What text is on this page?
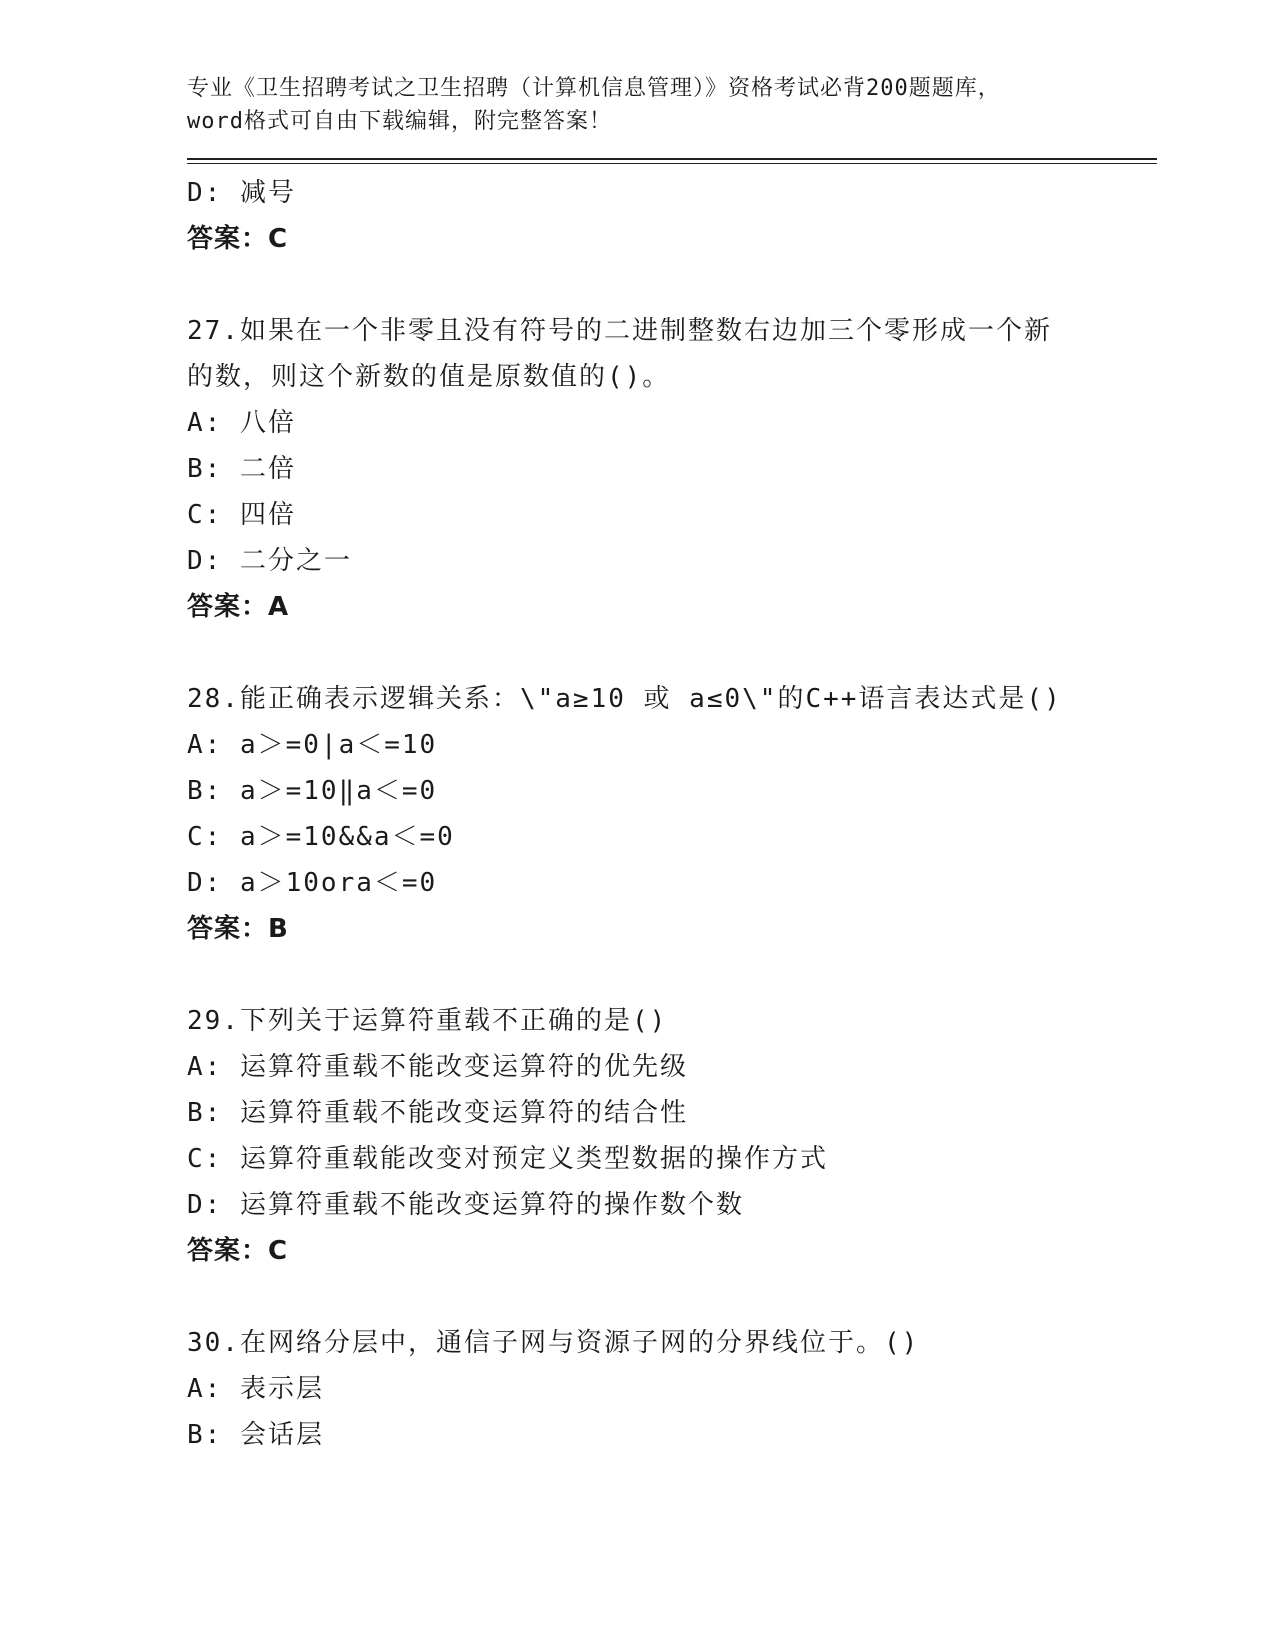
专业《卫生招聘考试之卫生招聘（计算机信息管理）》资格考试必背200题题库，
word格式可自由下载编辑，附完整答案！
D: 减号
答案：C
27.如果在一个非零且没有符号的二进制整数右边加三个零形成一个新
的数，则这个新数的值是原数值的()。
A: 八倍
B: 二倍
C: 四倍
D: 二分之一
答案：A
28.能正确表示逻辑关系：\"a≥10 或 a≤0\"的C++语言表达式是()
A: a＞=0|a＜=10
B: a＞=10‖a＜=0
C: a＞=10&&a＜=0
D: a＞10ora＜=0
答案：B
29.下列关于运算符重载不正确的是()
A: 运算符重载不能改变运算符的优先级
B: 运算符重载不能改变运算符的结合性
C: 运算符重载能改变对预定义类型数据的操作方式
D: 运算符重载不能改变运算符的操作数个数
答案：C
30.在网络分层中，通信子网与资源子网的分界线位于。()
A: 表示层
B: 会话层
